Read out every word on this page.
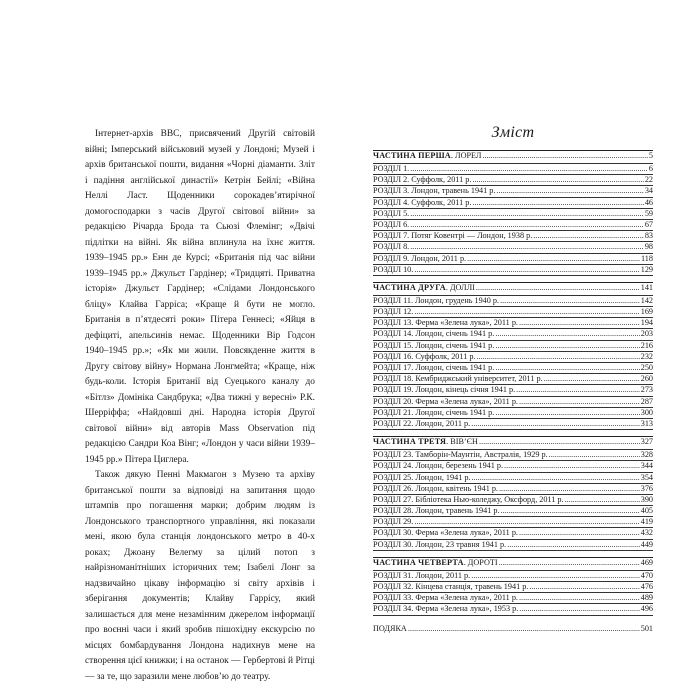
Інтернет-архів ВВС, присвячений Другій світовій війні; Імперський військовий музей у Лондоні; Музей і архів британської пошти, видання «Чорні діаманти. Зліт і падіння англійської династії» Кетрін Бейлі; «Війна Неллі Ласт. Щоденники сорокадев’ятирічної домогосподарки з часів Другої світової війни» за редакцією Річарда Брода та Сьюзі Флемінг; «Двічі підлітки на війні. Як війна вплинула на їхнє життя. 1939–1945 рр.» Енн де Курсі; «Британія під час війни 1939–1945 рр.» Джульєт Гардінер; «Тридцяті. Приватна історія» Джульєт Гардінер; «Слідами Лондонського бліцу» Клайва Гарріса; «Краще й бути не могло. Британія в п’ятдесяті роки» Пітера Геннесі; «Яйця в дефіциті, апельсинів немає. Щоденники Вір Годсон 1940–1945 рр.»; «Як ми жили. Повсякденне життя в Другу світову війну» Нормана Лонгмейта; «Краще, ніж будь-коли. Історія Британії від Суецького каналу до «Бітлз» Домініка Сандбрука; «Два тижні у вересні» Р.К. Шерріффа; «Найдовші дні. Народна історія Другої світової війни» від авторів Mass Observation під редакцією Сандри Коа Вінг; «Лондон у часи війни 1939–1945 рр.» Пітера Циглера.

Також дякую Пенні Макмагон з Музею та архіву британської пошти за відповіді на запитання щодо штампів про погашення марки; добрим людям із Лондонського транспортного управління, які показали мені, якою була станція лондонського метро в 40-х роках; Джоану Велегму за цілий потоп з найрізноманітніших історичних тем; Ізабелі Лонг за надзвичайно цікаву інформацію зі світу архівів і зберігання документів; Клайву Гаррісу, який залишається для мене незамінним джерелом інформації про воєнні часи і який зробив пішохідну екскурсію по місцях бомбардування Лондона надихнув мене на створення цієї книжки; і на останок — Гербертові й Рітці — за те, що заразили мене любов’ю до театру.

Зміст
ЧАСТИНА ПЕРША. ЛОРЕЛ .....	5
РОЗДІЛ 1. .....	6
РОЗДІЛ 2. Суффолк, 2011 р. .....	22
РОЗДІЛ 3. Лондон, травень 1941 р. .....	34
РОЗДІЛ 4. Суффолк, 2011 р. .....	46
РОЗДІЛ 5. .....	59
РОЗДІЛ 6. .....	67
РОЗДІЛ 7. Потяг Ковентрі — Лондон, 1938 р. .....	83
РОЗДІЛ 8. .....	98
РОЗДІЛ 9. Лондон, 2011 р. .....	118
РОЗДІЛ 10. .....	129
ЧАСТИНА ДРУГА. ДОЛЛІ .....	141
РОЗДІЛ 11. Лондон, грудень 1940 р. .....	142
РОЗДІЛ 12. .....	169
РОЗДІЛ 13. Ферма «Зелена лука», 2011 р. .....	194
РОЗДІЛ 14. Лондон, січень 1941 р. .....	203
РОЗДІЛ 15. Лондон, січень 1941 р. .....	216
РОЗДІЛ 16. Суффолк, 2011 р. .....	232
РОЗДІЛ 17. Лондон, січень 1941 р. .....	250
РОЗДІЛ 18. Кембриджський університет, 2011 р. .....	260
РОЗДІЛ 19. Лондон, кінець січня 1941 р. .....	273
РОЗДІЛ 20. Ферма «Зелена лука», 2011 р. .....	287
РОЗДІЛ 21. Лондон, січень 1941 р. .....	300
РОЗДІЛ 22. Лондон, 2011 р. .....	313
ЧАСТИНА ТРЕТЯ. ВІВ’ЄН .....	327
РОЗДІЛ 23. Тамборін-Маунтін, Австралія, 1929 р. .....	328
РОЗДІЛ 24. Лондон, березень 1941 р. .....	344
РОЗДІЛ 25. Лондон, 1941 р. .....	354
РОЗДІЛ 26. Лондон, квітень 1941 р. .....	376
РОЗДІЛ 27. Бібліотека Нью-коледжу, Оксфорд, 2011 р. .....	390
РОЗДІЛ 28. Лондон, травень 1941 р. .....	405
РОЗДІЛ 29. .....	419
РОЗДІЛ 30. Ферма «Зелена лука», 2011 р. .....	432
РОЗДІЛ 30. Лондон, 23 травня 1941 р. .....	449
ЧАСТИНА ЧЕТВЕРТА. ДОРОТІ .....	469
РОЗДІЛ 31. Лондон, 2011 р. .....	470
РОЗДІЛ 32. Кінцева станція, травень 1941 р. .....	476
РОЗДІЛ 33. Ферма «Зелена лука», 2011 р. .....	489
РОЗДІЛ 34. Ферма «Зелена лука», 1953 р. .....	496
ПОДЯКА .....	501
